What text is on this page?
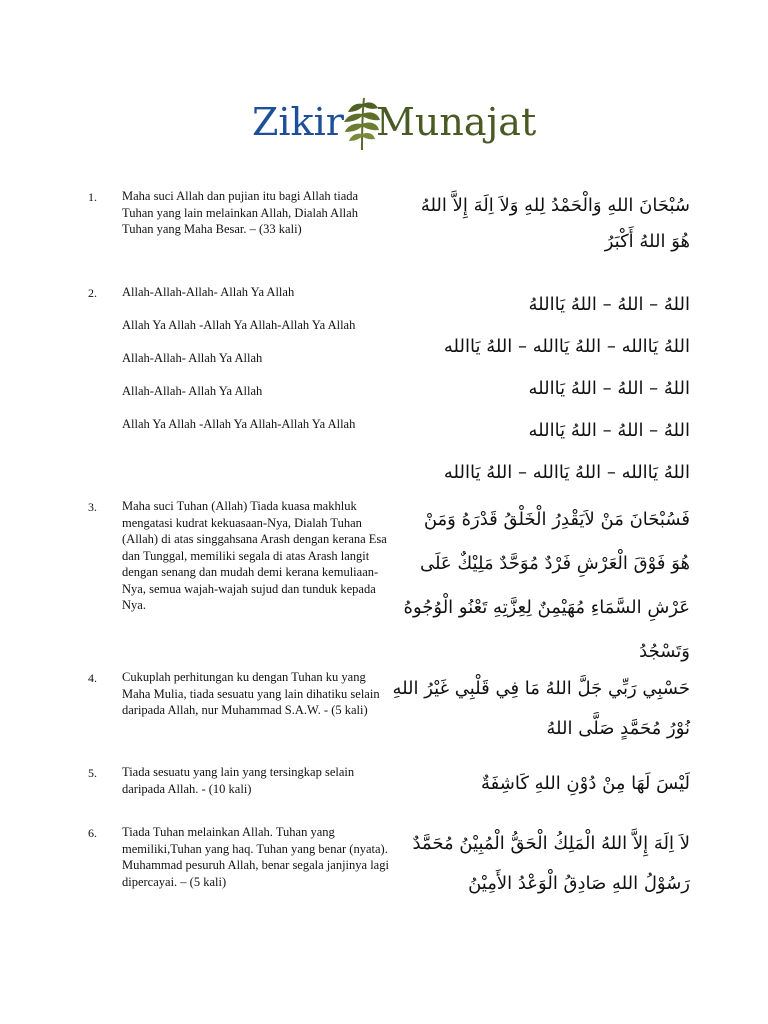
Zikir Munajat
1. Maha suci Allah dan pujian itu bagi Allah tiada Tuhan yang lain melainkan Allah, Dialah Allah Tuhan yang Maha Besar. – (33 kali)

سُبْحَانَ اللهِ وَالْحَمْدُ لِلهِ وَلاَ اِلَهَ إِلاَّ اللهُ
هُوَ اللهُ أَكْبَرُ
2. Allah-Allah-Allah- Allah Ya Allah

Allah Ya Allah -Allah Ya Allah-Allah Ya Allah

Allah-Allah- Allah Ya Allah

Allah-Allah- Allah Ya Allah

Allah Ya Allah -Allah Ya Allah-Allah Ya Allah

اللهُ – اللهُ – اللهُ يَااللهُ
اللهُ يَاالله – اللهُ يَاالله – اللهُ يَاالله
اللهُ – اللهُ – اللهُ يَاالله
اللهُ – اللهُ – اللهُ يَاالله
اللهُ يَاالله – اللهُ يَاالله – اللهُ يَاالله
3. Maha suci Tuhan (Allah) Tiada kuasa makhluk mengatasi kudrat kekuasaan-Nya, Dialah Tuhan (Allah) di atas singgahsana Arash dengan kerana Esa dan Tunggal, memiliki segala di atas Arash langit dengan senang dan mudah demi kerana kemuliaan-Nya, semua wajah-wajah sujud dan tunduk kepada Nya.

فَسُبْحَانَ مَنْ لاَيَقْدِرُ الْخَلْقُ قَدْرَهُ وَمَنْ
هُوَ فَوْقَ الْعَرْشِ فَرْدٌ مُوَحَّدٌ مَلِيْكٌ عَلَى
عَرْشِ السَّمَاءِ مُهَيْمِنٌ لِعِزَّتِهِ تَعْنُو الْوُجُوهُ
وَتَسْجُدُ
4. Cukuplah perhitungan ku dengan Tuhan ku yang Maha Mulia, tiada sesuatu yang lain dihatiku selain daripada Allah, nur Muhammad S.A.W. - (5 kali)

حَسْبِي رَبِّي جَلَّ اللهُ مَا فِي قَلْبِي غَيْرُ اللهِ
نُوْرُ مُحَمَّدٍ صَلَّى اللهُ
5. Tiada sesuatu yang lain yang tersingkap selain daripada Allah. - (10 kali)	لَيْسَ لَهَا مِنْ دُوْنِ اللهِ كَاشِفَةٌ
6. Tiada Tuhan melainkan Allah. Tuhan yang memiliki,Tuhan yang haq. Tuhan yang benar (nyata). Muhammad pesuruh Allah, benar segala janjinya lagi dipercayai. – (5 kali)

لاَ اِلَهَ إِلاَّ اللهُ الْمَلِكُ الْحَقُّ الْمُبِيْنُ مُحَمَّدٌ
رَسُوْلُ اللهِ صَادِقُ الْوَعْدُ الأَمِيْنُ
